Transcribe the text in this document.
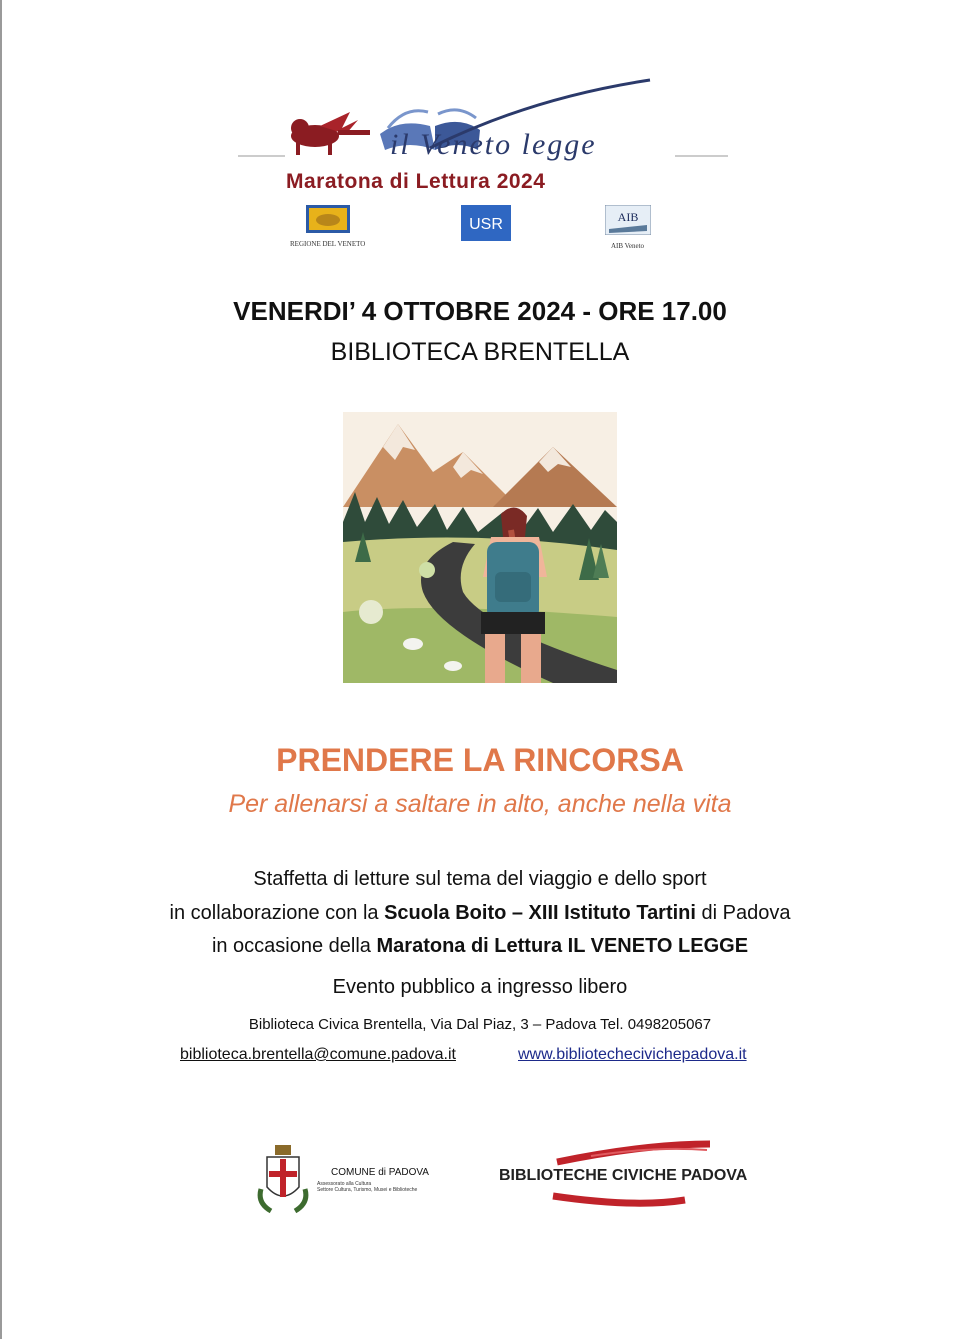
il Veneto legge
Maratona di Lettura 2024
REGIONE DEL VENETO
USR	AIB
AIB Veneto
VENERDI’ 4 OTTOBRE 2024 - ORE 17.00
BIBLIOTECA BRENTELLA
PRENDERE LA RINCORSA
Per allenarsi a saltare in alto, anche nella vita
Staffetta di letture sul tema del viaggio e dello sport
in collaborazione con la Scuola Boito – XIII Istituto Tartini di Padova
in occasione della Maratona di Lettura IL VENETO LEGGE
Evento pubblico a ingresso libero
Biblioteca Civica Brentella, Via Dal Piaz, 3 – Padova Tel. 0498205067
biblioteca.brentella@comune.padova.it	www.bibliotechecivichepadova.it
COMUNE di PADOVA
Assessorato alla Cultura
Settore Cultura, Turismo, Musei e Biblioteche
BIBLIOTECHE CIVICHE PADOVA
